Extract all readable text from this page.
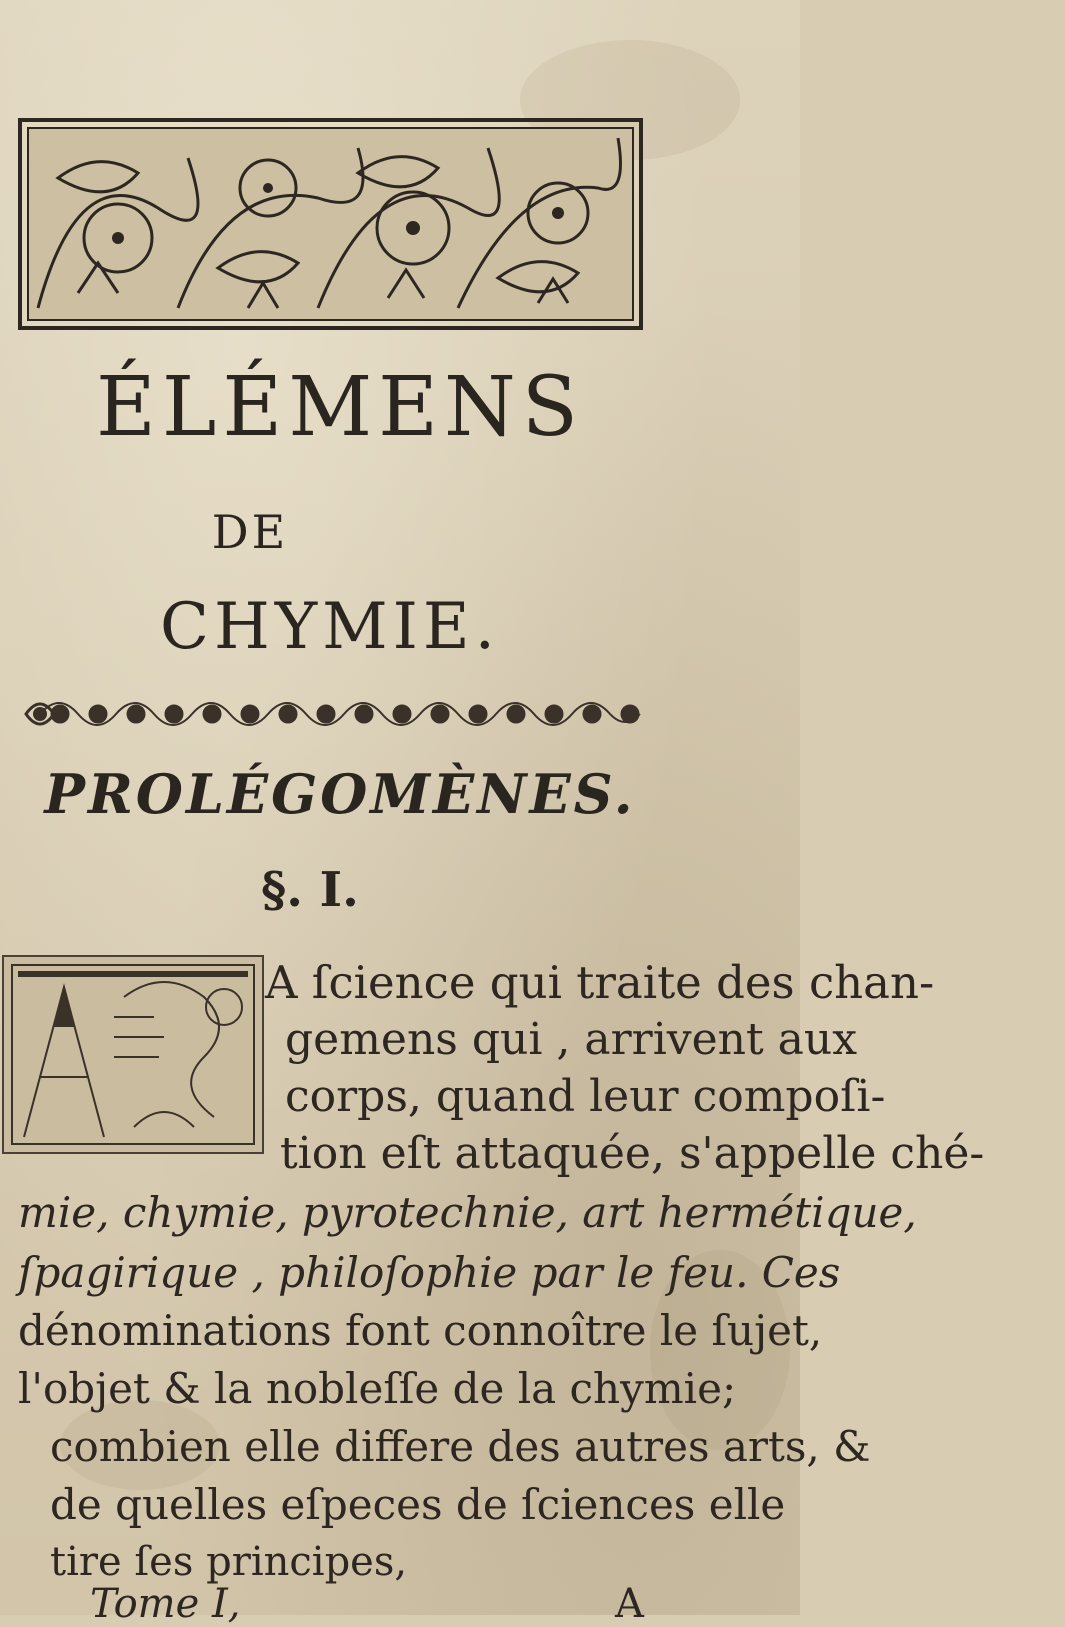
ÉLÉMENS
DE
CHYMIE.
PROLÉGOMÈNES.
§. I.
A ſcience qui traite des chan-
gemens qui , arrivent aux
corps, quand leur compoſi-
tion eſt attaquée, s'appelle ché-
mie, chymie, pyrotechnie, art hermétique,
ſpagirique , philoſophie par le feu. Ces
dénominations font connoître le ſujet,
l'objet & la nobleſſe de la chymie;
combien elle differe des autres arts, &
de quelles eſpeces de ſciences elle
tire ſes principes,
Tome I,	A
